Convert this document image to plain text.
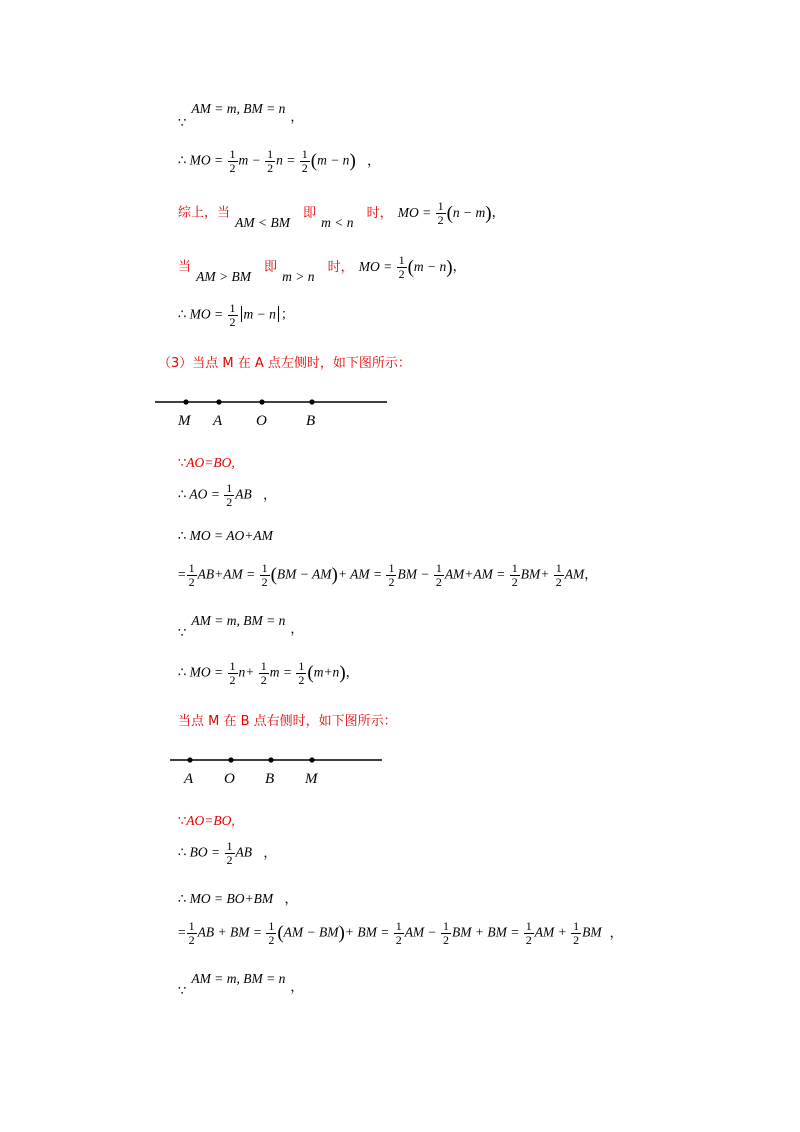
$_\because$ AM = m, BM = n $_,$
∴ MO = $\frac{1}{2}$ $m - \frac{1}{2}$ $n = \frac{1}{2} (m - n)$ ，
综上，当 $_{AM < BM}$ 即 $_{m < n}$ 时， MO = $\frac{1}{2} (n - m)$，
当 $_{AM > BM}$ 即 $_{m > n}$ 时， MO = $\frac{1}{2} (m - n)$，
∴ MO = $\frac{1}{2}$ m − n ；
（3）当点 M 在 A 点左侧时，如下图所示：
M A O	B
∵AO=BO,
∴ AO = $\frac{1}{2}$ AB ，
∴ MO = AO+AM
= $\frac{1}{2} AB+AM = \frac{1}{2} (BM - AM)+$ AM = $\frac{1}{2}$ BM − $\frac{1}{2} AM+AM = \frac{1}{2} BM+ \frac{1}{2}$ AM，
$_\because$ AM = m, BM = n $_,$
∴ MO = $\frac{1}{2} n+ \frac{1}{2}$ $m = \frac{1}{2} (m+n)$，
当点 M 在 B 点右侧时，如下图所示：
A O B M
∵AO=BO,
∴ BO = $\frac{1}{2}$ AB ，
∴ MO = BO+BM ，
= $\frac{1}{2}$ AB + BM = $\frac{1}{2} (AM - BM)+$ BM = $\frac{1}{2}$ AM − $\frac{1}{2}$ BM + BM = $\frac{1}{2}$ AM + $\frac{1}{2}$ BM ，
$_\because$ AM = m, BM = n $_,$
